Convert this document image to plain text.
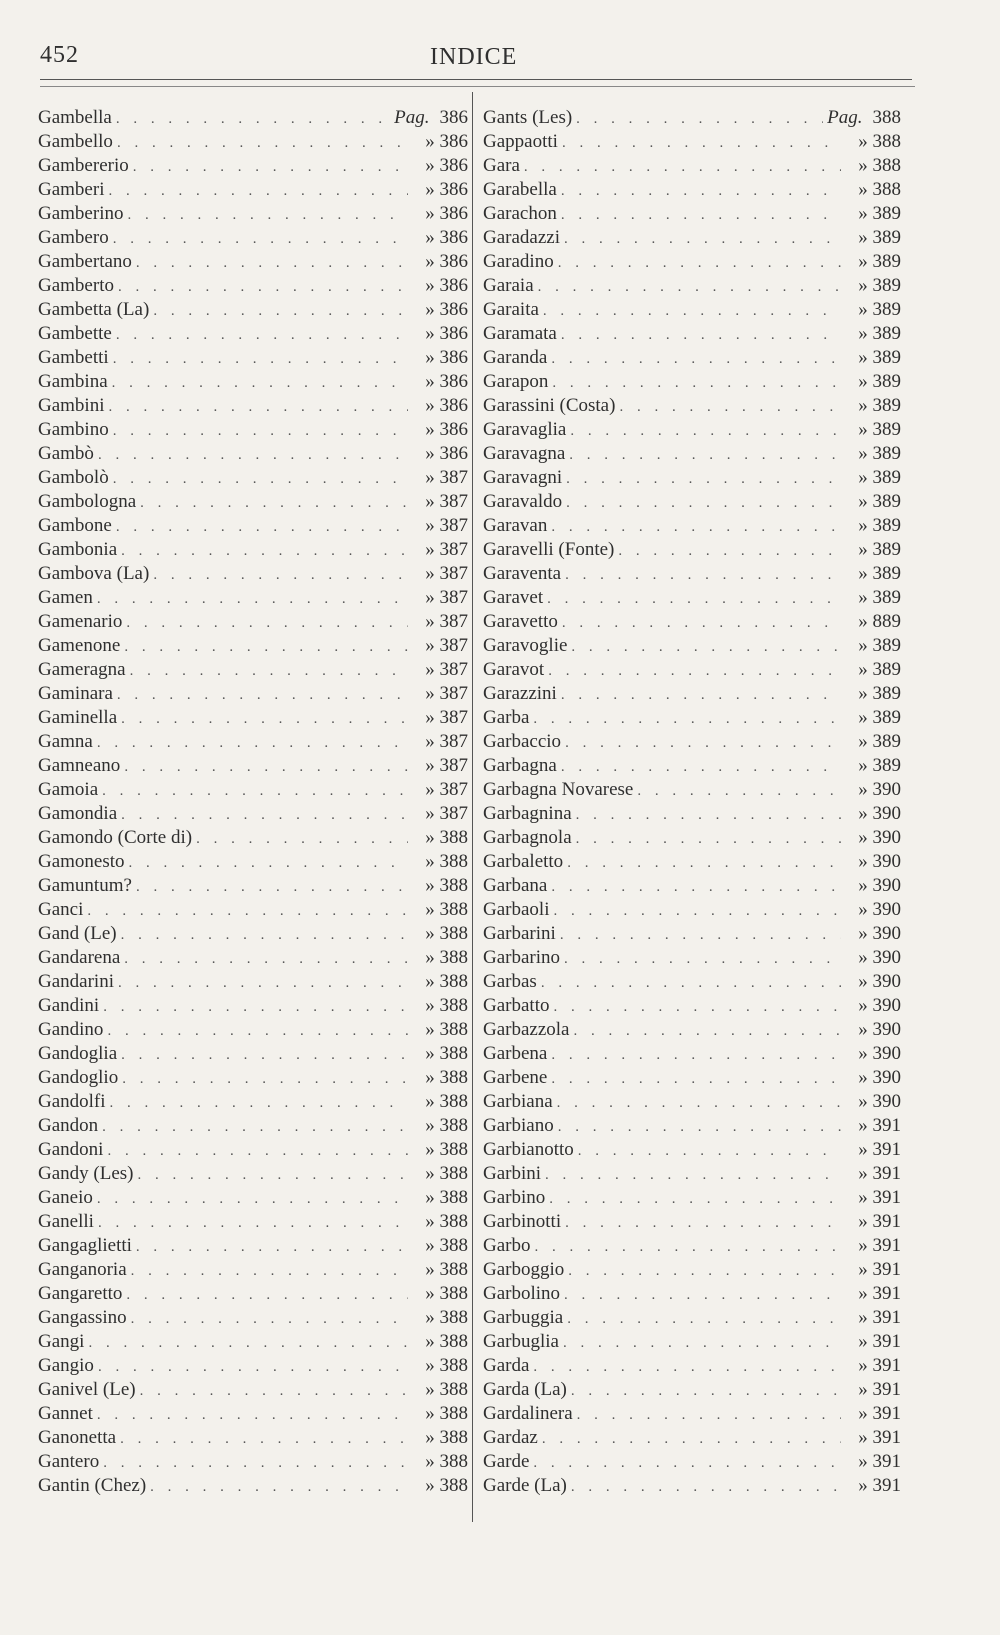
452	INDICE
Gambella . . .	Pag. 386
Gambello . . .	» 386
Gambererio . . .	» 386
Gamberi . . .	» 386
Gamberino . . .	» 386
Gambero . . .	» 386
Gambertano . . .	» 386
Gamberto . . .	» 386
Gambetta (La) . . .	» 386
Gambette . . .	» 386
Gambetti . . .	» 386
Gambina . . .	» 386
Gambini . . .	» 386
Gambino . . .	» 386
Gambò . . .	» 386
Gambolò . . .	» 387
Gambologna . . .	» 387
Gambone . . .	» 387
Gambonia . . .	» 387
Gambova (La) . . .	» 387
Gamen . . .	» 387
Gamenario . . .	» 387
Gamenone . . .	» 387
Gameragna . . .	» 387
Gaminara . . .	» 387
Gaminella . . .	» 387
Gamna . . .	» 387
Gamneano . . .	» 387
Gamoia . . .	» 387
Gamondia . . .	» 387
Gamondo (Corte di) . . .	» 388
Gamonesto . . .	» 388
Gamuntum? . . .	» 388
Ganci . . .	» 388
Gand (Le) . . .	» 388
Gandarena . . .	» 388
Gandarini . . .	» 388
Gandini . . .	» 388
Gandino . . .	» 388
Gandoglia . . .	» 388
Gandoglio . . .	» 388
Gandolfi . . .	» 388
Gandon . . .	» 388
Gandoni . . .	» 388
Gandy (Les) . . .	» 388
Ganeio . . .	» 388
Ganelli . . .	» 388
Gangaglietti . . .	» 388
Ganganoria . . .	» 388
Gangaretto . . .	» 388
Gangassino . . .	» 388
Gangi . . .	» 388
Gangio . . .	» 388
Ganivel (Le) . . .	» 388
Gannet . . .	» 388
Ganonetta . . .	» 388
Gantero . . .	» 388
Gantin (Chez) . . .	» 388
Gants (Les) . . .	Pag. 388
Gappaotti . . .	» 388
Gara . . .	» 388
Garabella . . .	» 388
Garachon . . .	» 389
Garadazzi . . .	» 389
Garadino . . .	» 389
Garaia . . .	» 389
Garaita . . .	» 389
Garamata . . .	» 389
Garanda . . .	» 389
Garapon . . .	» 389
Garassini (Costa) . . .	» 389
Garavaglia . . .	» 389
Garavagna . . .	» 389
Garavagni . . .	» 389
Garavaldo . . .	» 389
Garavan . . .	» 389
Garavelli (Fonte) . . .	» 389
Garaventa . . .	» 389
Garavet . . .	» 389
Garavetto . . .	» 889
Garavoglie . . .	» 389
Garavot . . .	» 389
Garazzini . . .	» 389
Garba . . .	» 389
Garbaccio . . .	» 389
Garbagna . . .	» 389
Garbagna Novarese . . .	» 390
Garbagnina . . .	» 390
Garbagnola . . .	» 390
Garbaletto . . .	» 390
Garbana . . .	» 390
Garbaoli . . .	» 390
Garbarini . . .	» 390
Garbarino . . .	» 390
Garbas . . .	» 390
Garbatto . . .	» 390
Garbazzola . . .	» 390
Garbena . . .	» 390
Garbene . . .	» 390
Garbiana . . .	» 390
Garbiano . . .	» 391
Garbianotto . . .	» 391
Garbini . . .	» 391
Garbino . . .	» 391
Garbinotti . . .	» 391
Garbo . . .	» 391
Garboggio . . .	» 391
Garbolino . . .	» 391
Garbuggia . . .	» 391
Garbuglia . . .	» 391
Garda . . .	» 391
Garda (La) . . .	» 391
Gardalinera . . .	» 391
Gardaz . . .	» 391
Garde . . .	» 391
Garde (La) . . .	» 391
